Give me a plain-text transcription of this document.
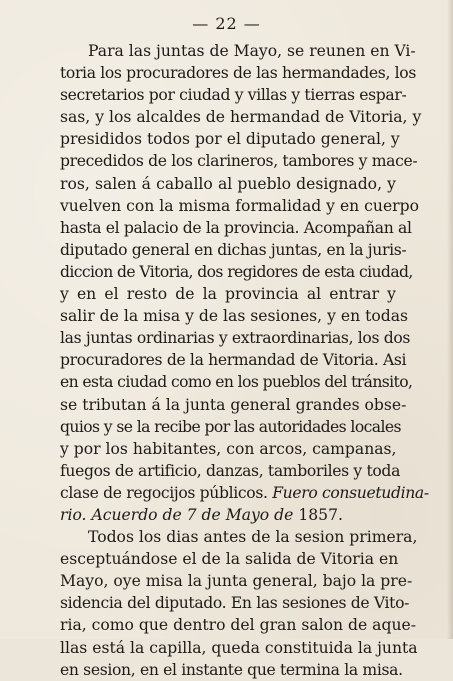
— 22 —
Para las juntas de Mayo, se reunen en Vi-
toria los procuradores de las hermandades, los
secretarios por ciudad y villas y tierras espar-
sas, y los alcaldes de hermandad de Vitoria, y
presididos todos por el diputado general, y
precedidos de los clarineros, tambores y mace-
ros, salen á caballo al pueblo designado, y
vuelven con la misma formalidad y en cuerpo
hasta el palacio de la provincia. Acompañan al
diputado general en dichas juntas, en la juris-
diccion de Vitoria, dos regidores de esta ciudad,
y en el resto de la provincia al entrar y
salir de la misa y de las sesiones, y en todas
las juntas ordinarias y extraordinarias, los dos
procuradores de la hermandad de Vitoria. Asi
en esta ciudad como en los pueblos del tránsito,
se tributan á la junta general grandes obse-
quios y se la recibe por las autoridades locales
y por los habitantes, con arcos, campanas,
fuegos de artificio, danzas, tamboriles y toda
clase de regocijos públicos. Fuero consuetudina-
rio. Acuerdo de 7 de Mayo de 1857.
Todos los dias antes de la sesion primera,
esceptuándose el de la salida de Vitoria en
Mayo, oye misa la junta general, bajo la pre-
sidencia del diputado. En las sesiones de Vito-
ria, como que dentro del gran salon de aque-
llas está la capilla, queda constituida la junta
en sesion, en el instante que termina la misa.
